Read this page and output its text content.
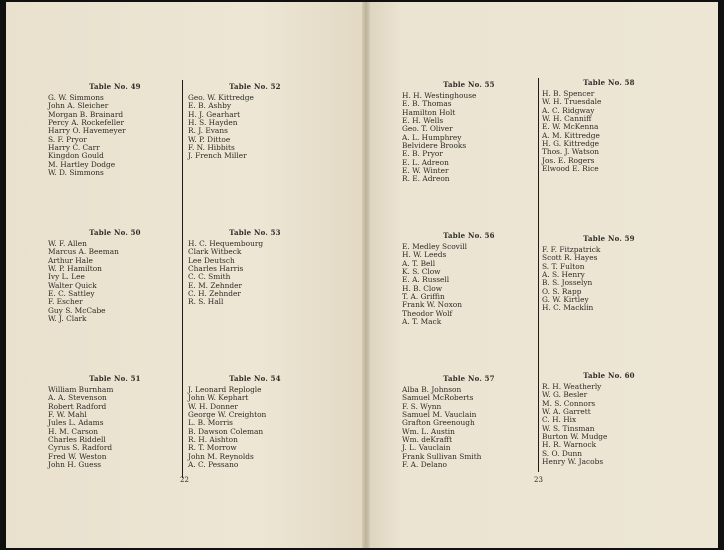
Table No. 49
G. W. Simmons
John A. Sleicher
Morgan B. Brainard
Percy A. Rockefeller
Harry O. Havemeyer
S. F. Pryor
Harry C. Carr
Kingdon Gould
M. Hartley Dodge
W. D. Simmons
Table No. 50
W. F. Allen
Marcus A. Beeman
Arthur Hale
W. P. Hamilton
Ivy L. Lee
Walter Quick
E. C. Sattley
F. Escher
Guy S. McCabe
W. J. Clark
Table No. 51
William Burnham
A. A. Stevenson
Robert Radford
F. W. Mahl
Jules L. Adams
H. M. Carson
Charles Riddell
Cyrus S. Radford
Fred W. Weston
John H. Guess
Table No. 52
Geo. W. Kittredge
E. B. Ashby
H. J. Gearhart
H. S. Hayden
R. J. Evans
W. P. Dittoe
F. N. Hibbits
J. French Miller
Table No. 53
H. C. Hequembourg
Clark Witbeck
Lee Deutsch
Charles Harris
C. C. Smith
E. M. Zehnder
C. H. Zehnder
R. S. Hall
Table No. 54
J. Leonard Replogle
John W. Kephart
W. H. Donner
George W. Creighton
L. B. Morris
B. Dawson Coleman
R. H. Aishton
R. T. Morrow
John M. Reynolds
A. C. Pessano
Table No. 55
H. H. Westinghouse
E. B. Thomas
Hamilton Holt
E. H. Wells
Geo. T. Oliver
A. L. Humphrey
Belvidere Brooks
E. B. Pryor
E. L. Adreon
E. W. Winter
R. E. Adreon
Table No. 56
E. Medley Scovill
H. W. Leeds
A. T. Bell
K. S. Clow
E. A. Russell
H. B. Clow
T. A. Griffin
Frank W. Noxon
Theodor Wolf
A. T. Mack
Table No. 57
Alba B. Johnson
Samuel McRoberts
F. S. Wynn
Samuel M. Vauclain
Grafton Greenough
Wm. L. Austin
Wm. deKrafft
J. L. Vauclain
Frank Sullivan Smith
F. A. Delano
Table No. 58
H. B. Spencer
W. H. Truesdale
A. C. Ridgway
W. H. Canniff
E. W. McKenna
A. M. Kittredge
H. G. Kittredge
Thos. J. Watson
Jos. E. Rogers
Elwood E. Rice
Table No. 59
F. F. Fitzpatrick
Scott R. Hayes
S. T. Fulton
A. S. Henry
B. S. Josselyn
O. S. Rapp
G. W. Kirtley
H. C. Macklin
Table No. 60
R. H. Weatherly
W. G. Besler
M. S. Connors
W. A. Garrett
C. H. Hix
W. S. Tinsman
Burton W. Mudge
H. R. Warnock
S. O. Dunn
Henry W. Jacobs
22	23
